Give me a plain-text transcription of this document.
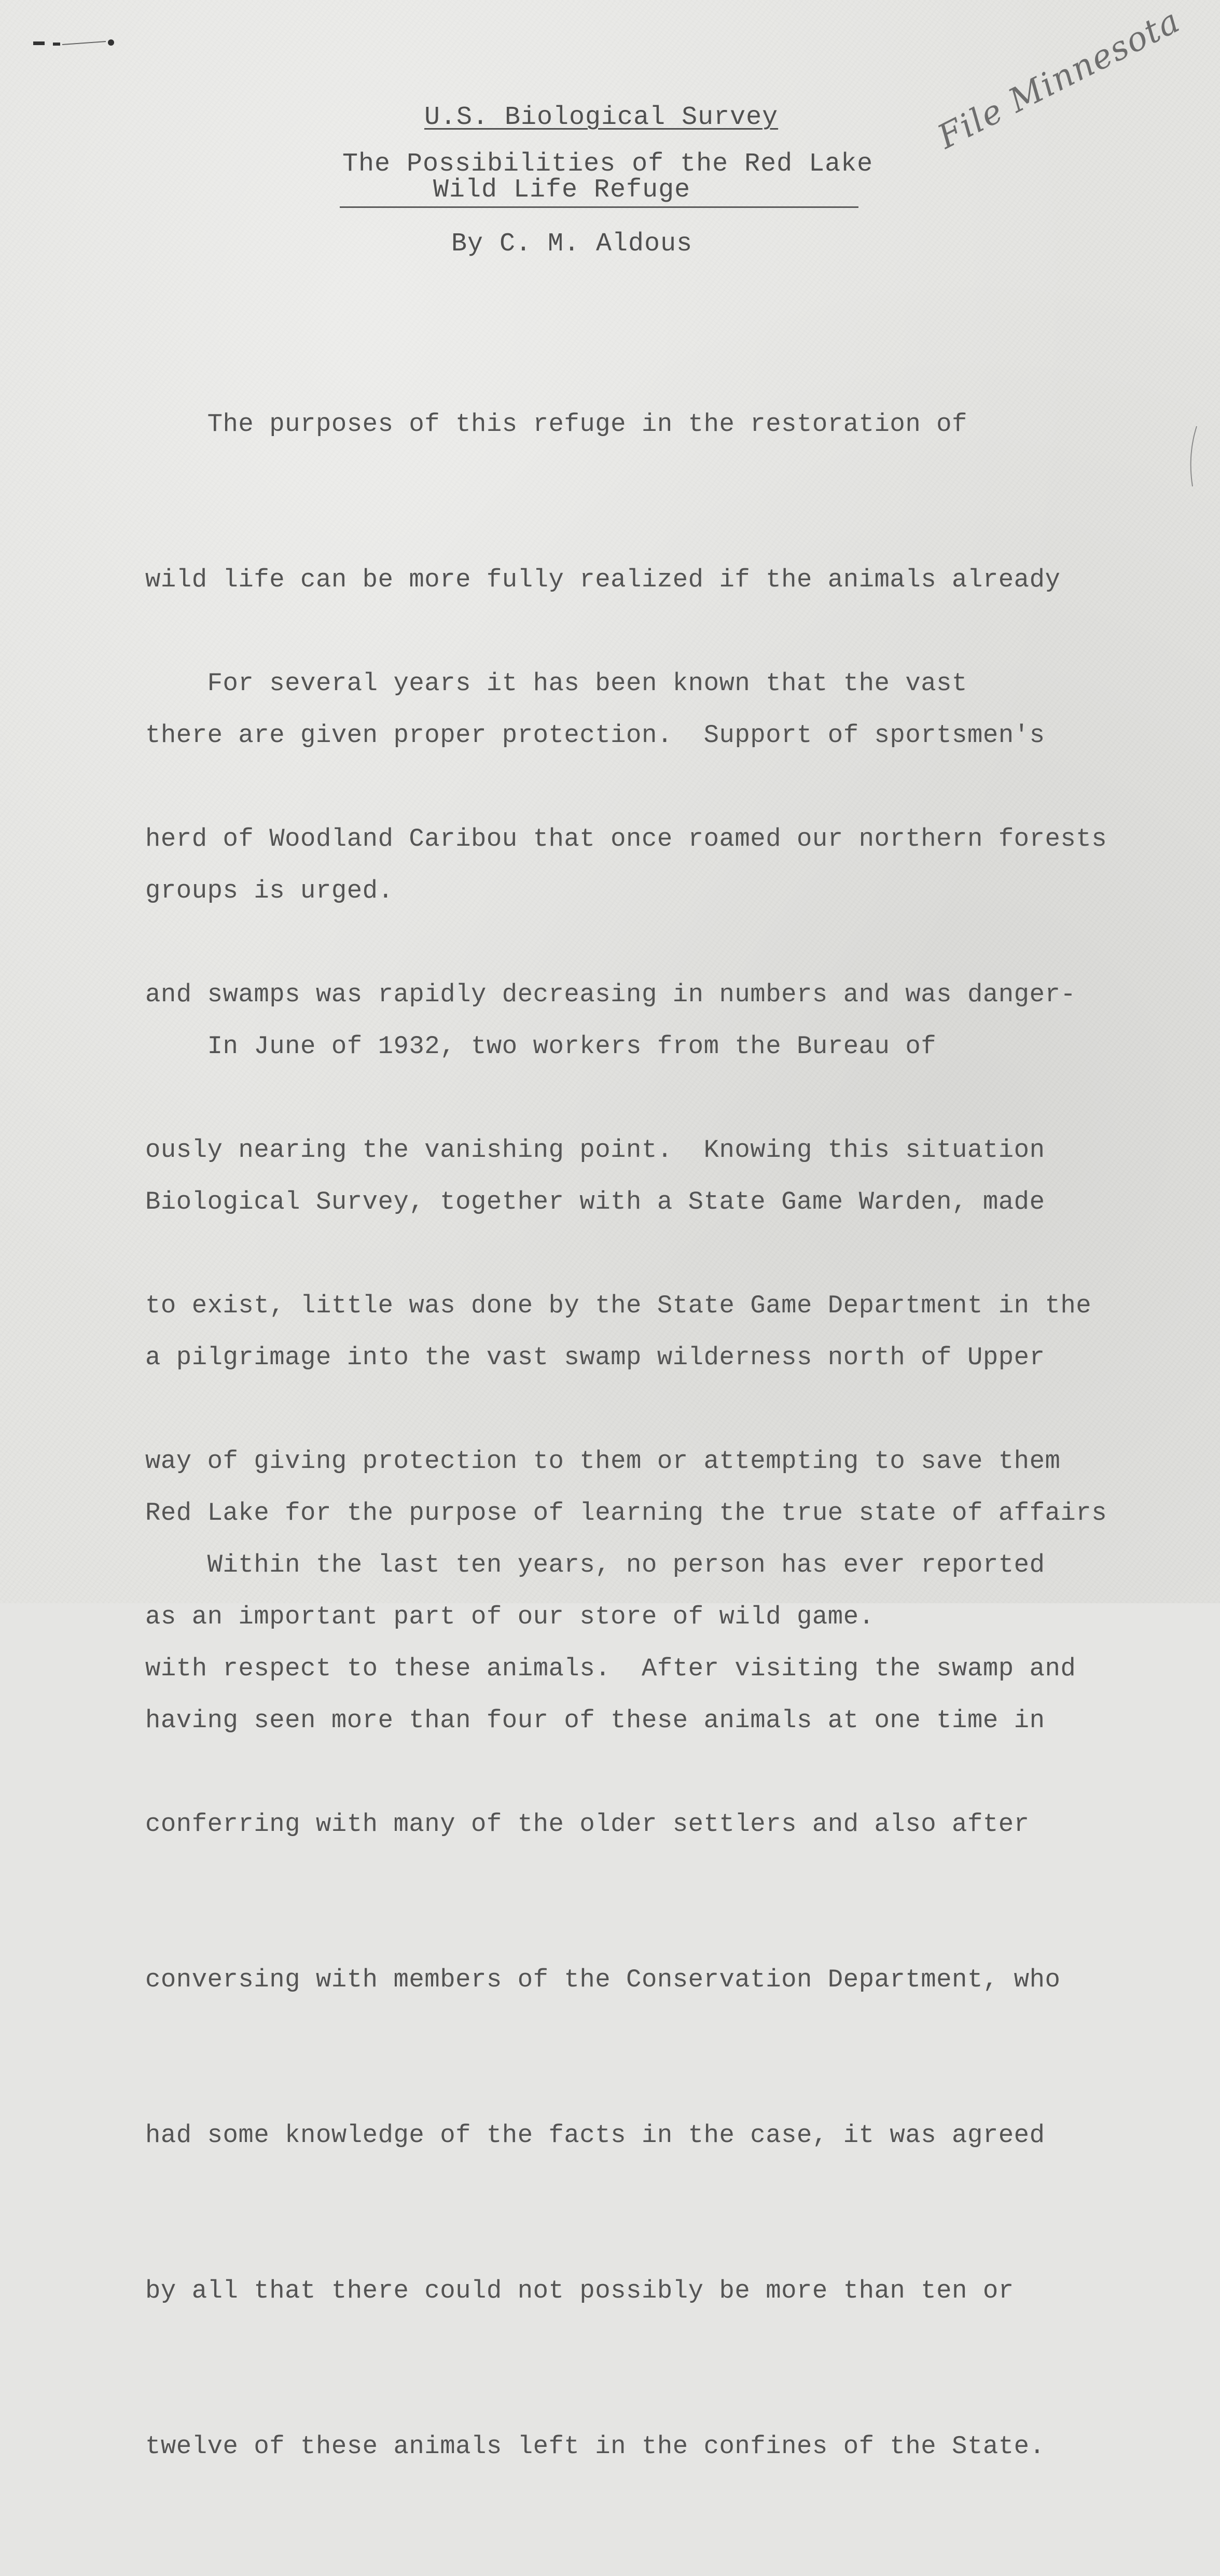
U.S. Biological Survey
The Possibilities of the Red Lake
Wild Life Refuge
By C. M. Aldous
File Minnesota

The purposes of this refuge in the restoration of

wild life can be more fully realized if the animals already

there are given proper protection.  Support of sportsmen's

groups is urged.

For several years it has been known that the vast

herd of Woodland Caribou that once roamed our northern forests

and swamps was rapidly decreasing in numbers and was danger-

ously nearing the vanishing point.  Knowing this situation

to exist, little was done by the State Game Department in the

way of giving protection to them or attempting to save them

as an important part of our store of wild game.

In June of 1932, two workers from the Bureau of

Biological Survey, together with a State Game Warden, made

a pilgrimage into the vast swamp wilderness north of Upper

Red Lake for the purpose of learning the true state of affairs

with respect to these animals.  After visiting the swamp and

conferring with many of the older settlers and also after

conversing with members of the Conservation Department, who

had some knowledge of the facts in the case, it was agreed

by all that there could not possibly be more than ten or

twelve of these animals left in the confines of the State.

Within the last ten years, no person has ever reported

having seen more than four of these animals at one time in
